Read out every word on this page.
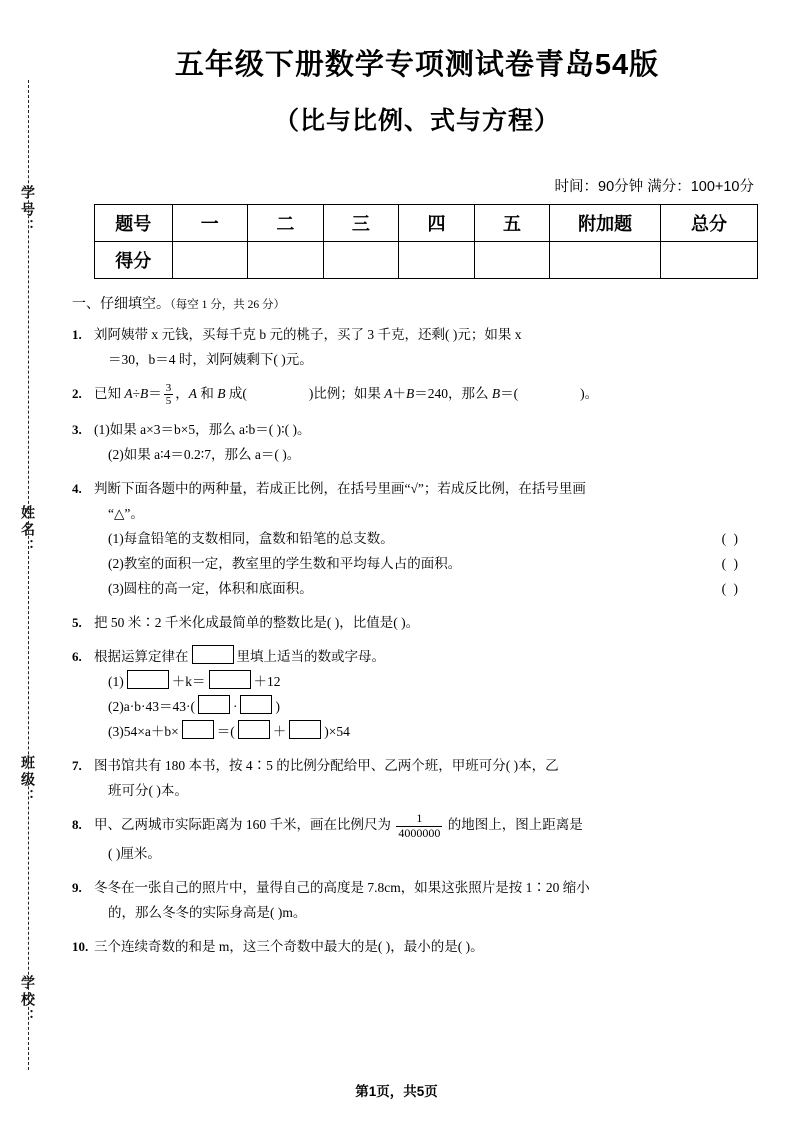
学号：
姓名：
班级：
学校：
五年级下册数学专项测试卷青岛54版
（比与比例、式与方程）
时间：90分钟 满分：100+10分
题号	一	二	三	四	五	附加题	总分
得分							
一、仔细填空。（每空 1 分，共 26 分）
1. 刘阿姨带 x 元钱，买每千克 b 元的桃子，买了 3 千克，还剩( )元；如果 x
＝30，b＝4 时，刘阿姨剩下( )元。
2. 已知 $A\div B= \frac{3}{5}$ ，A 和 B 成(	)比例；如果 A＋B＝240，那么 B＝(	)。
3. (1)如果 a×3＝b×5，那么 a∶b＝( )∶( )。
(2)如果 a∶4＝0.2∶7，那么 a＝( )。
4. 判断下面各题中的两种量，若成正比例，在括号里画“√”；若成反比例，在括号里画
“△”。
(1)每盒铅笔的支数相同，盒数和铅笔的总支数。	( )
(2)教室的面积一定，教室里的学生数和平均每人占的面积。	( )
(3)圆柱的高一定，体积和底面积。	( )
5. 把 50 米∶2 千米化成最简单的整数比是( )，比值是( )。
6. 根据运算定律在	里填上适当的数或字母。
(1)	＋k＝	＋12
(2)a·b·43＝43·(	·	)
(3)54×a＋b×	＝(	＋	)×54
7. 图书馆共有 180 本书，按 4∶5 的比例分配给甲、乙两个班，甲班可分( )本，乙
班可分( )本。
8. 甲、乙两城市实际距离为 160 千米，画在比例尺为 $\frac{1}{4000000}$ 的地图上，图上距离是
( )厘米。
9. 冬冬在一张自己的照片中，量得自己的高度是 7.8cm，如果这张照片是按 1∶20 缩小
的，那么冬冬的实际身高是( )m。
10. 三个连续奇数的和是 m，这三个奇数中最大的是( )，最小的是( )。
第1页，共5页
